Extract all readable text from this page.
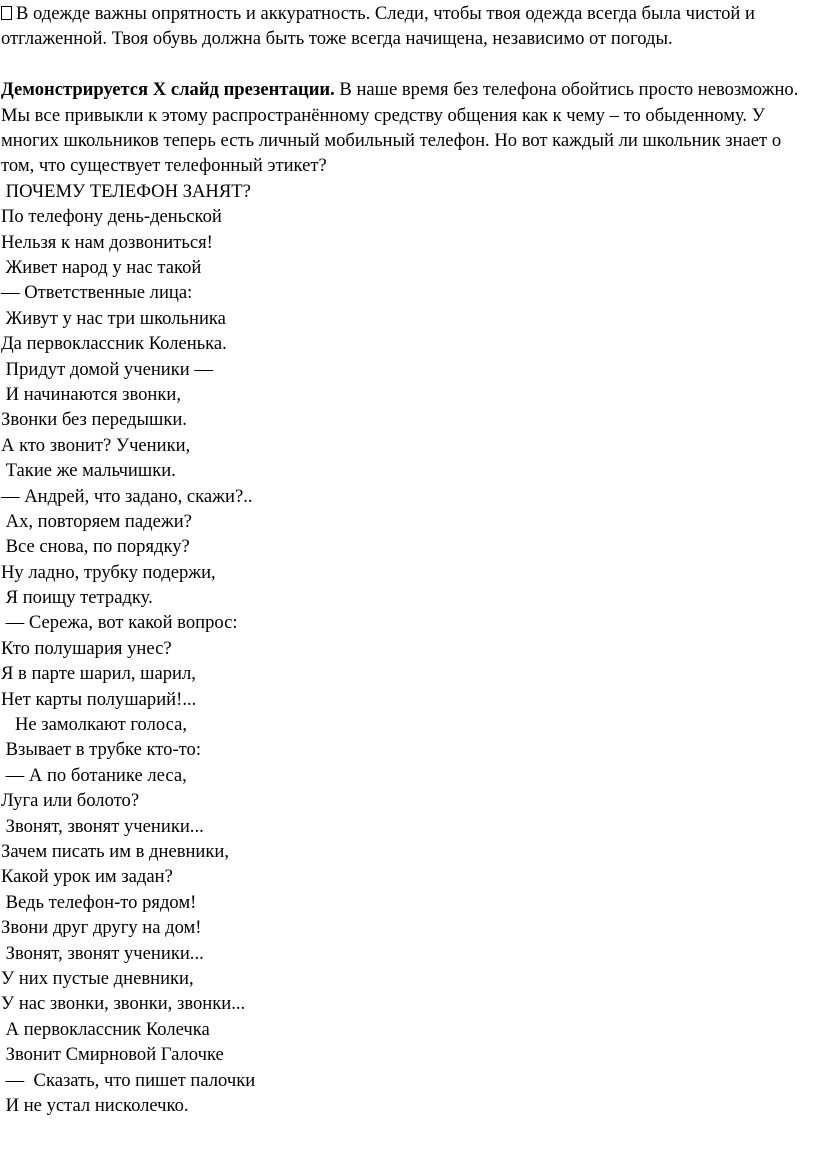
В одежде важны опрятность и аккуратность. Следи, чтобы твоя одежда всегда была чистой и отглаженной. Твоя обувь должна быть тоже всегда начищена, независимо от погоды.

Демонстрируется Х слайд презентации. В наше время без телефона обойтись просто невозможно. Мы все привыкли к этому распространённому средству общения как к чему – то обыденному. У многих школьников теперь есть личный мобильный телефон. Но вот каждый ли школьник знает о том, что существует телефонный этикет?

ПОЧЕМУ ТЕЛЕФОН ЗАНЯТ?
По телефону день-деньской
Нельзя к нам дозвониться!
Живет народ у нас такой
— Ответственные лица:
Живут у нас три школьника
Да первоклассник Коленька.
Придут домой ученики —
И начинаются звонки,
Звонки без передышки.
А кто звонит? Ученики,
Такие же мальчишки.
— Андрей, что задано, скажи?..
Ах, повторяем падежи?
Все снова, по порядку?
Ну ладно, трубку подержи,
Я поищу тетрадку.
— Сережа, вот какой вопрос:
Кто полушария унес?
Я в парте шарил, шарил,
Нет карты полушарий!...
Не замолкают голоса,
Взывает в трубке кто-то:
— А по ботанике леса,
Луга или болото?
Звонят, звонят ученики...
Зачем писать им в дневники,
Какой урок им задан?
Ведь телефон-то рядом!
Звони друг другу на дом!
Звонят, звонят ученики...
У них пустые дневники,
У нас звонки, звонки, звонки...
А первоклассник Колечка
Звонит Смирновой Галочке
—  Сказать, что пишет палочки
И не устал нисколечко.
